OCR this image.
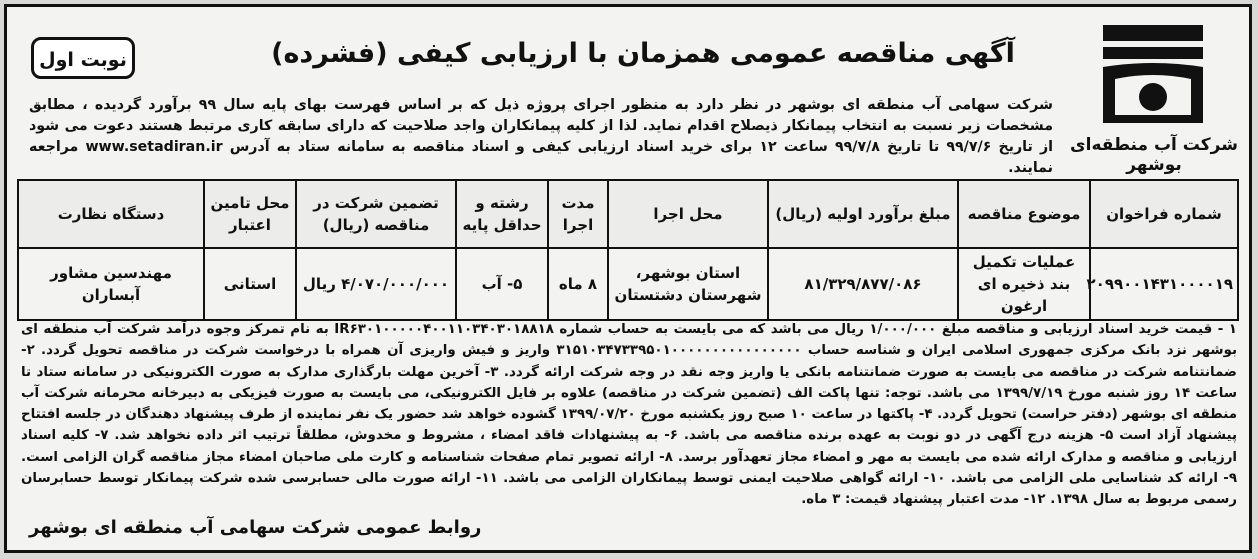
شرکت آب منطقه‌ای بوشهر
آگهی مناقصه عمومی همزمان با ارزیابی کیفی (فشرده)
نوبت اول
شرکت سهامی آب منطقه ای بوشهر در نظر دارد به منظور اجرای پروژه ذیل که بر اساس فهرست بهای پایه سال ۹۹ برآورد گردیده ، مطابق مشخصات زیر نسبت به انتخاب پیمانکار ذیصلاح اقدام نماید. لذا از کلیه پیمانکاران واجد صلاحیت که دارای سابقه کاری مرتبط هستند دعوت می شود از تاریخ ۹۹/۷/۶ تا تاریخ ۹۹/۷/۸ ساعت ۱۲ برای خرید اسناد ارزیابی کیفی و اسناد مناقصه به سامانه ستاد به آدرس www.setadiran.ir مراجعه نمایند.
شماره فراخوان	موضوع مناقصه	مبلغ برآورد اولیه (ریال)	محل اجرا	مدت اجرا	رشته و حداقل پایه	تضمین شرکت در مناقصه (ریال)	محل تامین اعتبار	دستگاه نظارت
۲۰۹۹۰۰۱۴۳۱۰۰۰۰۱۹	عملیات تکمیل بند ذخیره ای ارغون	۸۱/۳۲۹/۸۷۷/۰۸۶	استان بوشهر، شهرستان دشتستان	۸ ماه	۵- آب	۴/۰۷۰/۰۰۰/۰۰۰ ریال	استانی	مهندسین مشاور آبساران
۱ - قیمت خرید اسناد ارزیابی و مناقصه مبلغ ۱/۰۰۰/۰۰۰ ریال می باشد که می بایست به حساب شماره IR۶۳۰۱۰۰۰۰۰۴۰۰۱۱۰۳۴۰۳۰۱۸۸۱۸ به نام تمرکز وجوه درآمد شرکت آب منطقه ای بوشهر نزد بانک مرکزی جمهوری اسلامی ایران و شناسه حساب ۳۱۵۱۰۳۴۷۳۳۹۵۰۱۰۰۰۰۰۰۰۰۰۰۰۰۰۰۰۰ واریز و فیش واریزی آن همراه با درخواست شرکت در مناقصه تحویل گردد. ۲- ضمانتنامه شرکت در مناقصه می بایست به صورت ضمانتنامه بانکی یا واریز وجه نقد در وجه شرکت ارائه گردد. ۳- آخرین مهلت بارگذاری مدارک به صورت الکترونیکی در سامانه ستاد تا ساعت ۱۴ روز شنبه مورخ ۱۳۹۹/۷/۱۹ می باشد. توجه: تنها پاکت الف (تضمین شرکت در مناقصه) علاوه بر فایل الکترونیکی، می بایست به صورت فیزیکی به دبیرخانه محرمانه شرکت آب منطقه ای بوشهر (دفتر حراست) تحویل گردد. ۴- پاکتها در ساعت ۱۰ صبح روز یکشنبه مورخ ۱۳۹۹/۰۷/۲۰ گشوده خواهد شد حضور یک نفر نماینده از طرف پیشنهاد دهندگان در جلسه افتتاح پیشنهاد آزاد است ۵- هزینه درج آگهی در دو نوبت به عهده برنده مناقصه می باشد. ۶- به پیشنهادات فاقد امضاء ، مشروط و مخدوش، مطلقاً ترتیب اثر داده نخواهد شد. ۷- کلیه اسناد ارزیابی و مناقصه و مدارک ارائه شده می بایست به مهر و امضاء مجاز تعهدآور برسد. ۸- ارائه تصویر تمام صفحات شناسنامه و کارت ملی صاحبان امضاء مجاز مناقصه گران الزامی است. ۹- ارائه کد شناسایی ملی الزامی می باشد. ۱۰- ارائه گواهی صلاحیت ایمنی توسط پیمانکاران الزامی می باشد. ۱۱- ارائه صورت مالی حسابرسی شده شرکت پیمانکار توسط حسابرسان رسمی مربوط به سال ۱۳۹۸. ۱۲- مدت اعتبار پیشنهاد قیمت: ۳ ماه.
روابط عمومی شرکت سهامی آب منطقه ای بوشهر
